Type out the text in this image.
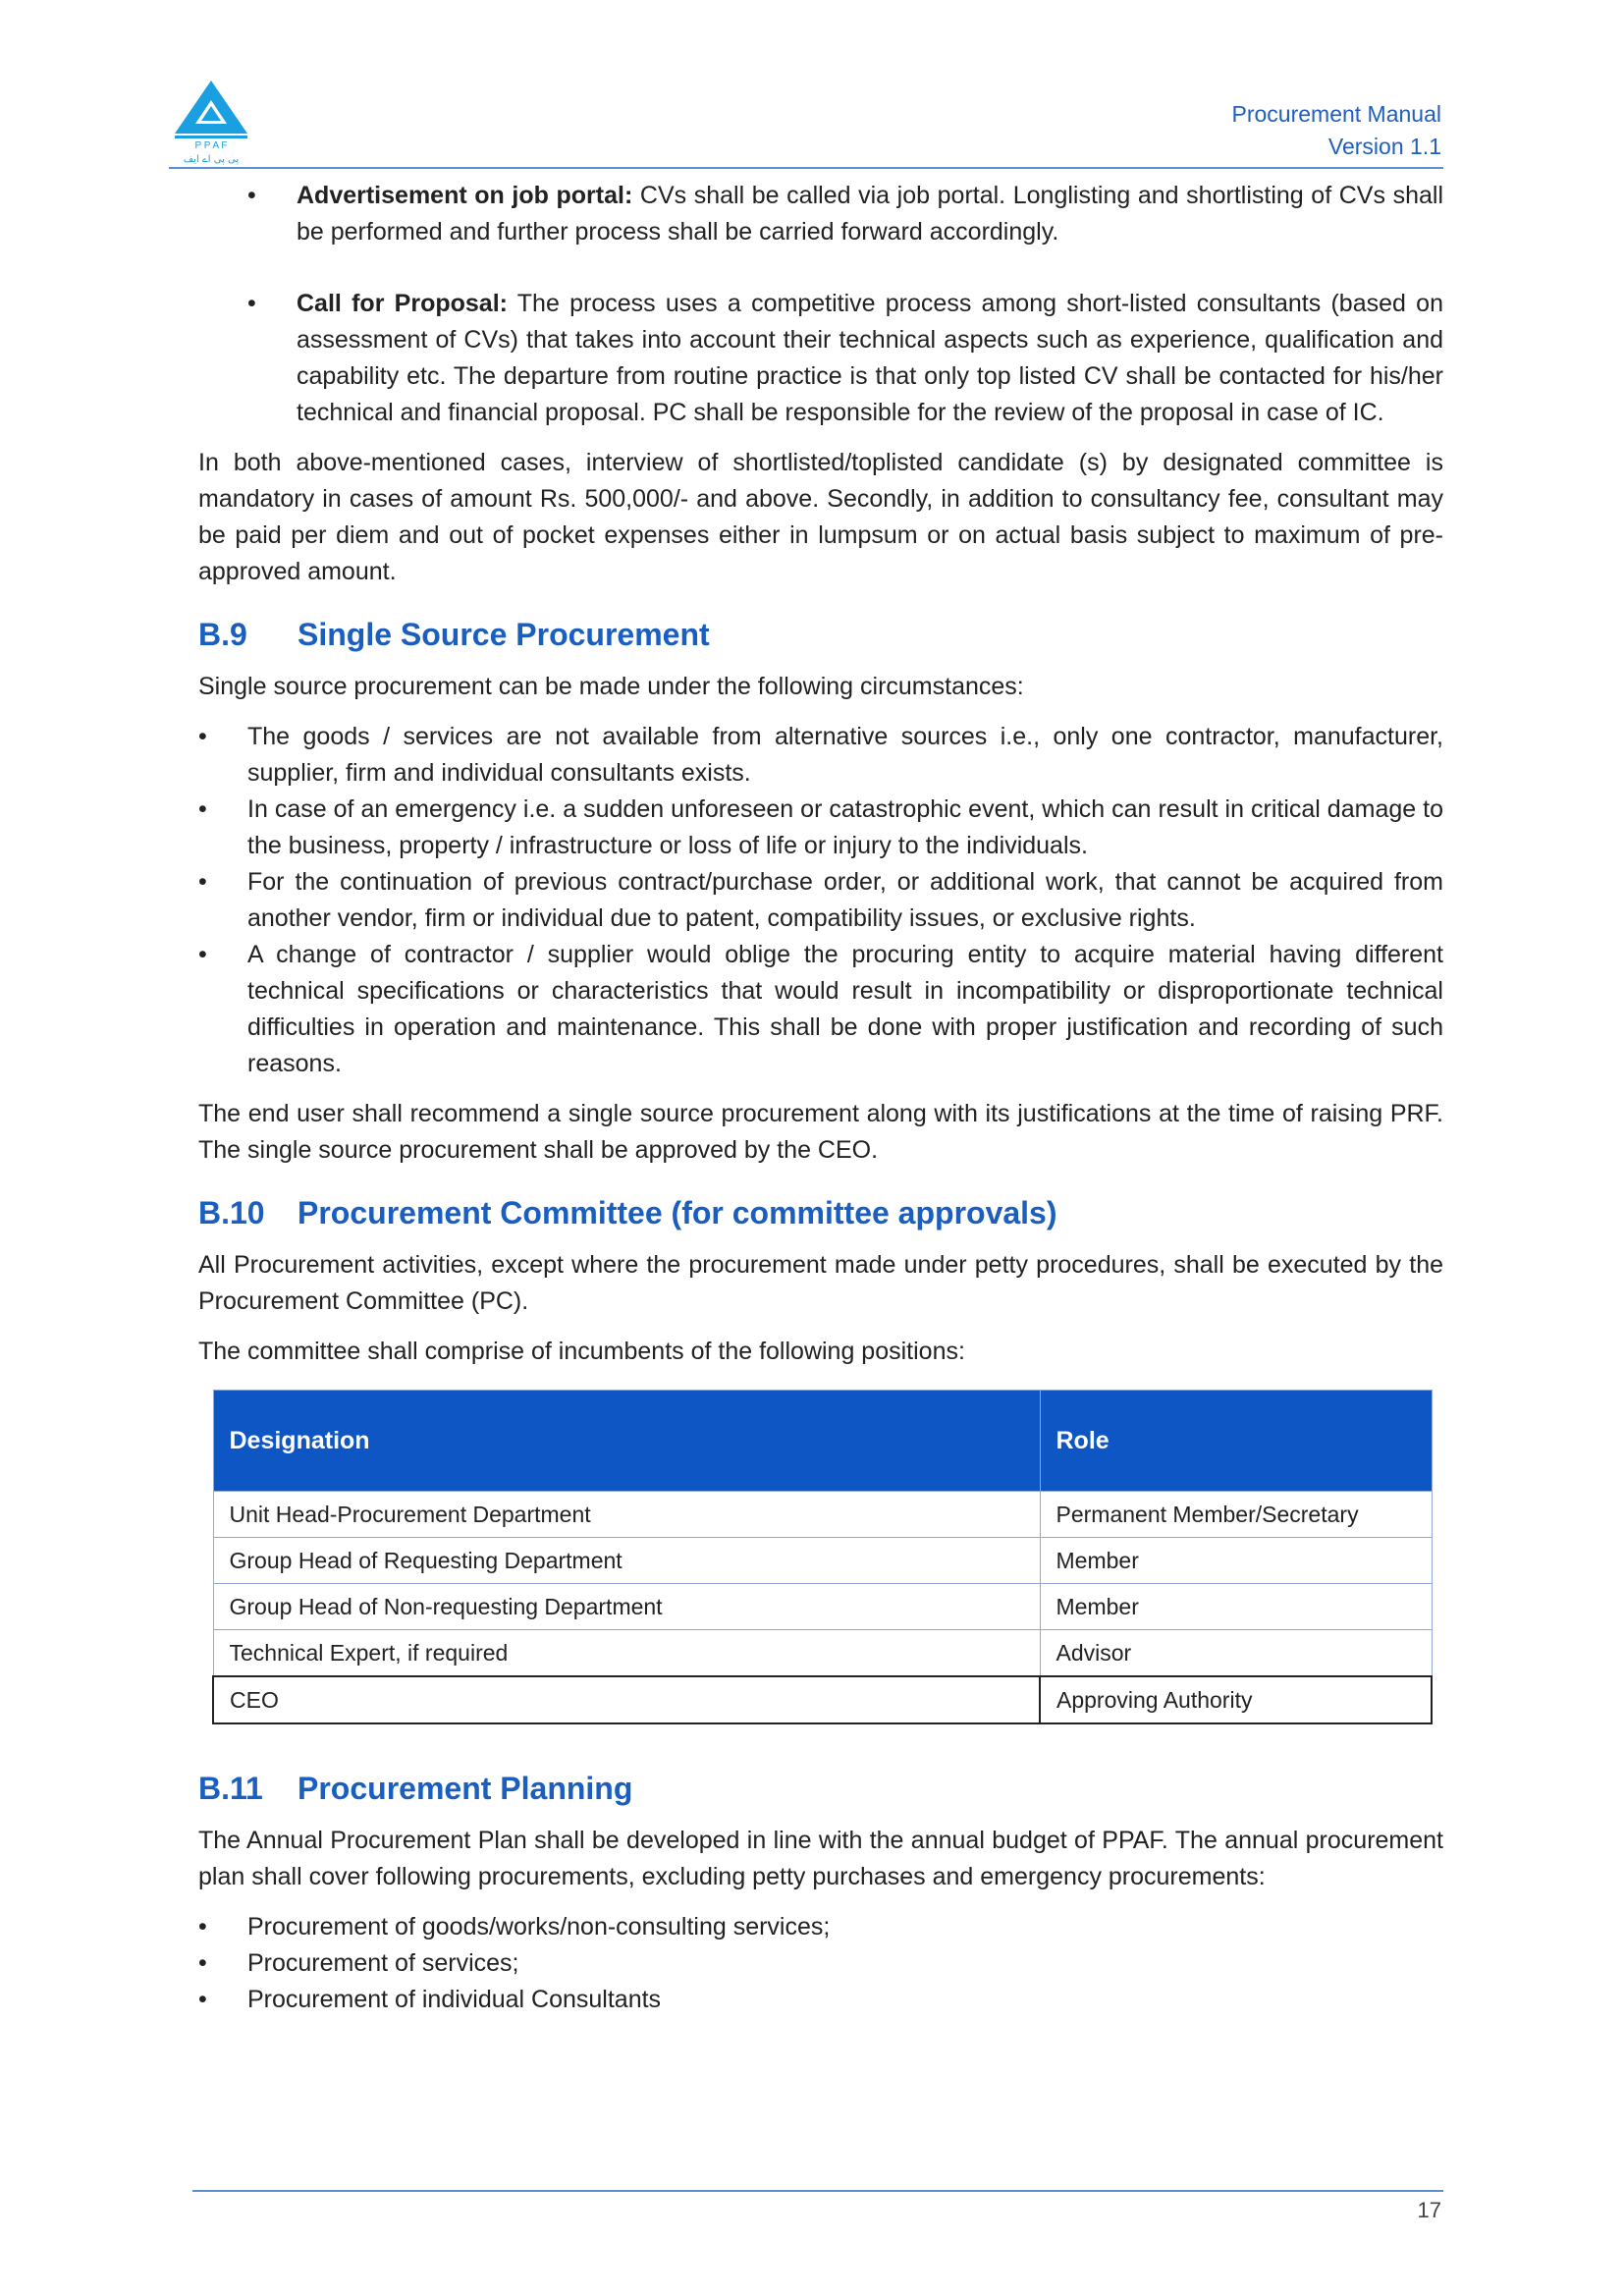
P P A F
پی پی اے ایف
Procurement Manual
Version 1.1
• Advertisement on job portal: CVs shall be called via job portal. Longlisting and shortlisting of CVs shall be performed and further process shall be carried forward accordingly.
• Call for Proposal: The process uses a competitive process among short-listed consultants (based on assessment of CVs) that takes into account their technical aspects such as experience, qualification and capability etc. The departure from routine practice is that only top listed CV shall be contacted for his/her technical and financial proposal. PC shall be responsible for the review of the proposal in case of IC.

In both above-mentioned cases, interview of shortlisted/toplisted candidate (s) by designated committee is mandatory in cases of amount Rs. 500,000/- and above. Secondly, in addition to consultancy fee, consultant may be paid per diem and out of pocket expenses either in lumpsum or on actual basis subject to maximum of pre-approved amount.

B.9 Single Source Procurement

Single source procurement can be made under the following circumstances:

• The goods / services are not available from alternative sources i.e., only one contractor, manufacturer, supplier, firm and individual consultants exists.
• In case of an emergency i.e. a sudden unforeseen or catastrophic event, which can result in critical damage to the business, property / infrastructure or loss of life or injury to the individuals.
• For the continuation of previous contract/purchase order, or additional work, that cannot be acquired from another vendor, firm or individual due to patent, compatibility issues, or exclusive rights.
• A change of contractor / supplier would oblige the procuring entity to acquire material having different technical specifications or characteristics that would result in incompatibility or disproportionate technical difficulties in operation and maintenance. This shall be done with proper justification and recording of such reasons.

The end user shall recommend a single source procurement along with its justifications at the time of raising PRF. The single source procurement shall be approved by the CEO.

B.10 Procurement Committee (for committee approvals)

All Procurement activities, except where the procurement made under petty procedures, shall be executed by the Procurement Committee (PC).

The committee shall comprise of incumbents of the following positions:

Designation	Role
Unit Head-Procurement Department	Permanent Member/Secretary
Group Head of Requesting Department	Member
Group Head of Non-requesting Department	Member
Technical Expert, if required	Advisor
CEO	Approving Authority
B.11 Procurement Planning

The Annual Procurement Plan shall be developed in line with the annual budget of PPAF. The annual procurement plan shall cover following procurements, excluding petty purchases and emergency procurements:

• Procurement of goods/works/non-consulting services;
• Procurement of services;
• Procurement of individual Consultants
17
